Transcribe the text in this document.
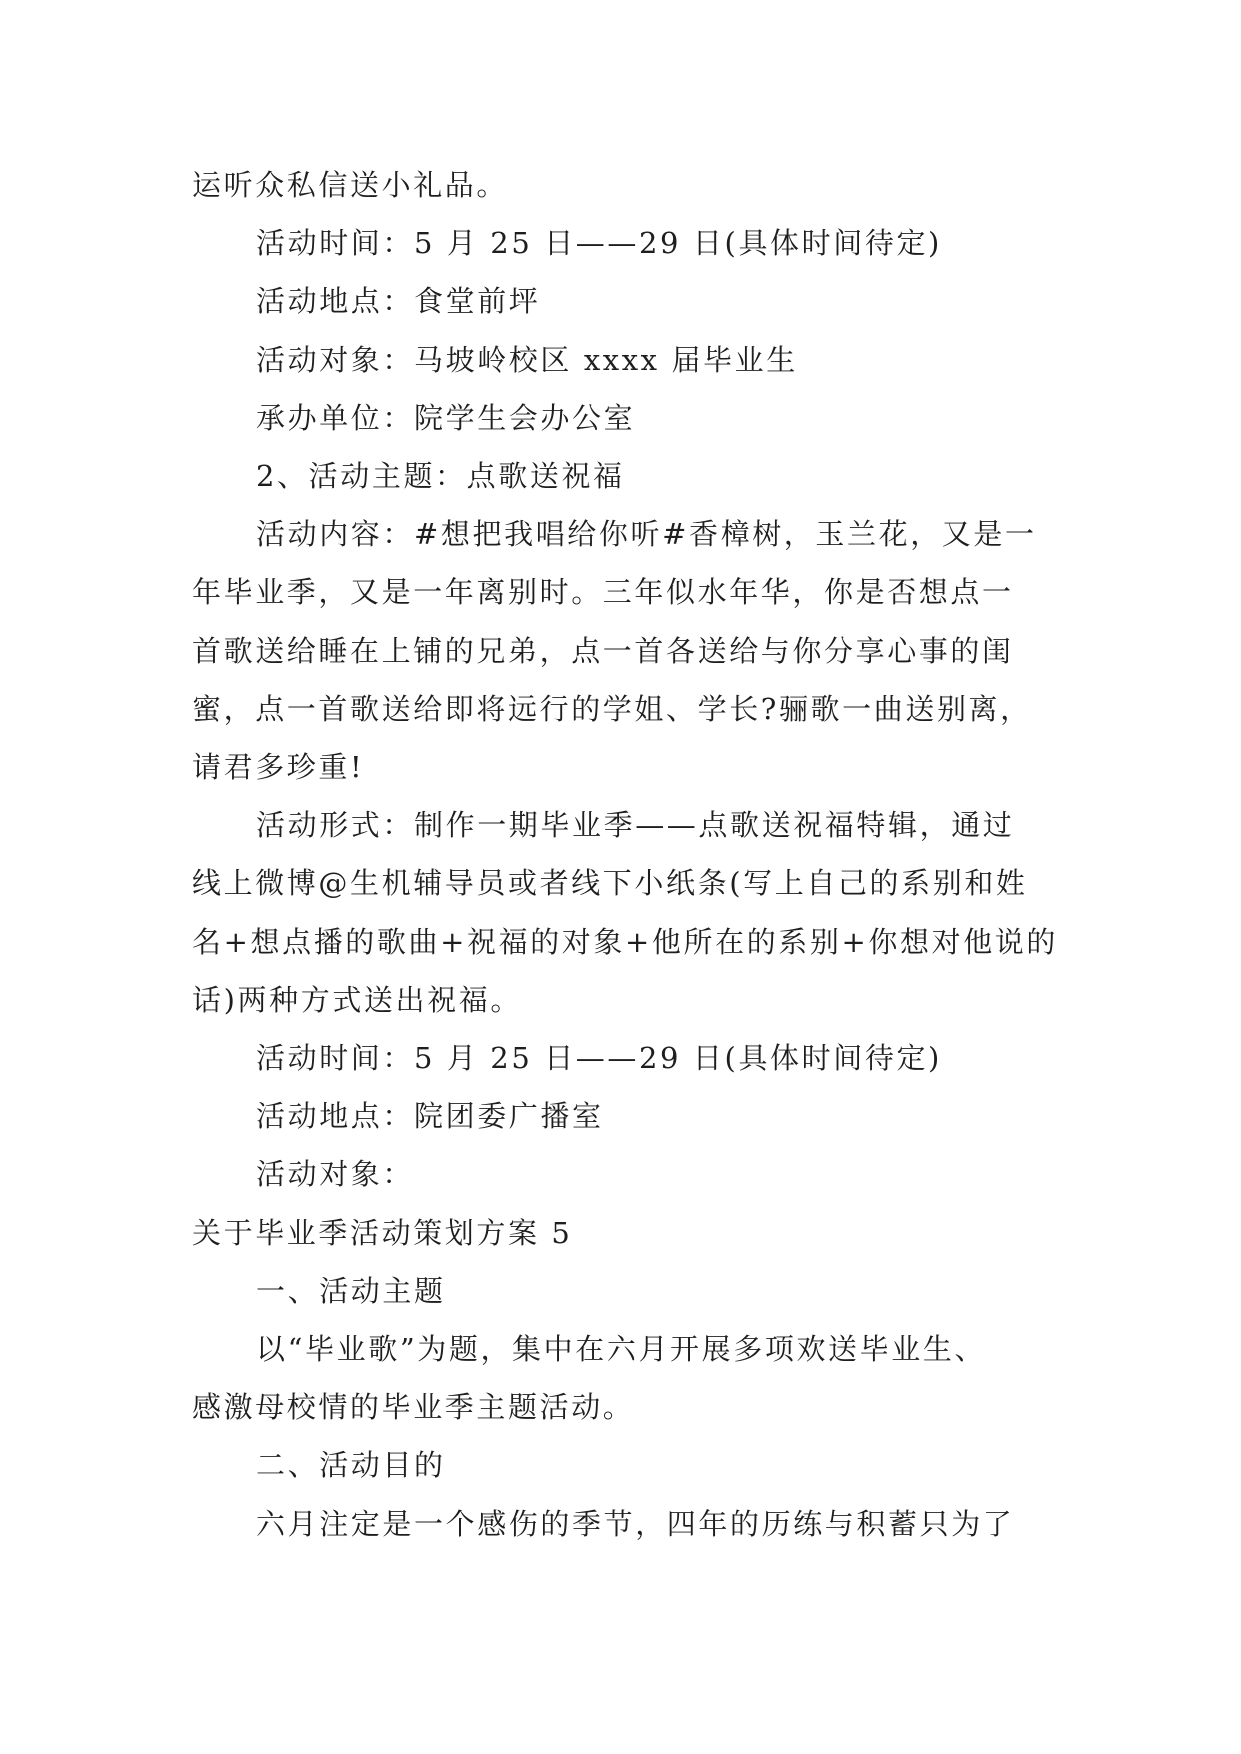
运听众私信送小礼品。

活动时间：5 月 25 日——29 日(具体时间待定)

活动地点：食堂前坪

活动对象：马坡岭校区 xxxx 届毕业生

承办单位：院学生会办公室

2、活动主题：点歌送祝福

活动内容：#想把我唱给你听#香樟树，玉兰花，又是一

年毕业季，又是一年离别时。三年似水年华，你是否想点一

首歌送给睡在上铺的兄弟，点一首各送给与你分享心事的闺

蜜，点一首歌送给即将远行的学姐、学长?骊歌一曲送别离，

请君多珍重!

活动形式：制作一期毕业季——点歌送祝福特辑，通过

线上微博@生机辅导员或者线下小纸条(写上自己的系别和姓

名+想点播的歌曲+祝福的对象+他所在的系别+你想对他说的

话)两种方式送出祝福。

活动时间：5 月 25 日——29 日(具体时间待定)

活动地点：院团委广播室

活动对象：

关于毕业季活动策划方案 5

一、活动主题

以“毕业歌”为题，集中在六月开展多项欢送毕业生、

感激母校情的毕业季主题活动。

二、活动目的

六月注定是一个感伤的季节，四年的历练与积蓄只为了
